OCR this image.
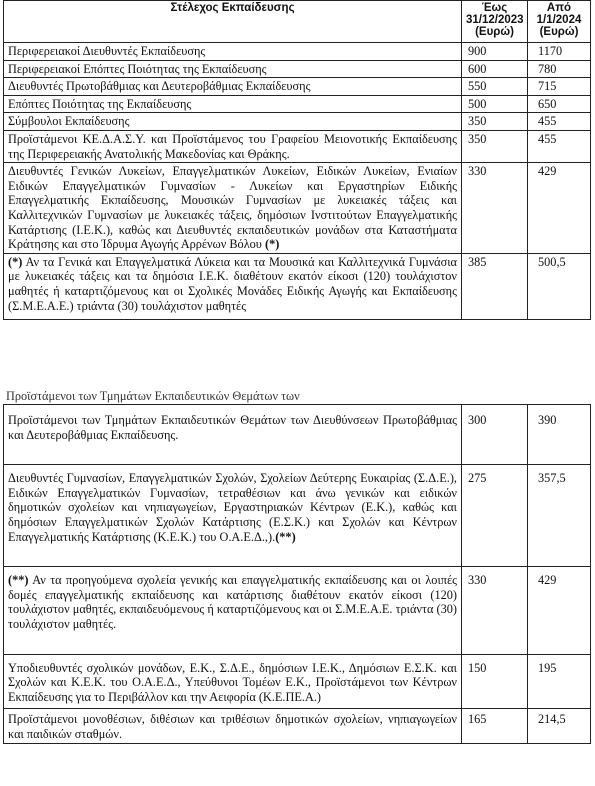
Στέλεχος Εκπαίδευσης	Έως 31/12/2023 (Ευρώ)	Από 1/1/2024 (Ευρώ)
Περιφερειακοί Διευθυντές Εκπαίδευσης	900	1170
Περιφερειακοί Επόπτες Ποιότητας της Εκπαίδευσης	600	780
Διευθυντές Πρωτοβάθμιας και Δευτεροβάθμιας Εκπαίδευσης	550	715
Επόπτες Ποιότητας της Εκπαίδευσης	500	650
Σύμβουλοι Εκπαίδευσης	350	455
Προϊστάμενοι ΚΕ.Δ.Α.Σ.Υ. και Προϊστάμενος του Γραφείου Μειονοτικής Εκπαίδευσης της Περιφερειακής Ανατολικής Μακεδονίας και Θράκης.	350	455
Διευθυντές Γενικών Λυκείων, Επαγγελματικών Λυκείων, Ειδικών Λυκείων, Ενιαίων Ειδικών Επαγγελματικών Γυμνασίων - Λυκείων και Εργαστηρίων Ειδικής Επαγγελματικής Εκπαίδευσης, Μουσικών Γυμνασίων με λυκειακές τάξεις και Καλλιτεχνικών Γυμνασίων με λυκειακές τάξεις, δημόσιων Ινστιτούτων Επαγγελματικής Κατάρτισης (Ι.Ε.Κ.), καθώς και Διευθυντές εκπαιδευτικών μονάδων στα Καταστήματα Κράτησης και στο Ίδρυμα Αγωγής Αρρένων Βόλου (*)	330	429
(*) Αν τα Γενικά και Επαγγελματικά Λύκεια και τα Μουσικά και Καλλιτεχνικά Γυμνάσια με λυκειακές τάξεις και τα δημόσια Ι.Ε.Κ. διαθέτουν εκατόν είκοσι (120) τουλάχιστον μαθητές ή καταρτιζόμενους και οι Σχολικές Μονάδες Ειδικής Αγωγής και Εκπαίδευσης (Σ.Μ.Ε.Α.Ε.) τριάντα (30) τουλάχιστον μαθητές	385	500,5
Προϊστάμενοι των Τμημάτων Εκπαιδευτικών Θεμάτων των
Προϊστάμενοι των Τμημάτων Εκπαιδευτικών Θεμάτων των Διευθύνσεων Πρωτοβάθμιας και Δευτεροβάθμιας Εκπαίδευσης.	300	390
Διευθυντές Γυμνασίων, Επαγγελματικών Σχολών, Σχολείων Δεύτερης Ευκαιρίας (Σ.Δ.Ε.), Ειδικών Επαγγελματικών Γυμνασίων, τετραθέσιων και άνω γενικών και ειδικών δημοτικών σχολείων και νηπιαγωγείων, Εργαστηριακών Κέντρων (Ε.Κ.), καθώς και δημόσιων Επαγγελματικών Σχολών Κατάρτισης (Ε.Σ.Κ.) και Σχολών και Κέντρων Επαγγελματικής Κατάρτισης (Κ.Ε.Κ.) του Ο.Α.Ε.Δ.,).(**)	275	357,5
(**) Αν τα προηγούμενα σχολεία γενικής και επαγγελματικής εκπαίδευσης και οι λοιπές δομές επαγγελματικής εκπαίδευσης και κατάρτισης διαθέτουν εκατόν είκοσι (120) τουλάχιστον μαθητές, εκπαιδευόμενους ή καταρτιζόμενους και οι Σ.Μ.Ε.Α.Ε. τριάντα (30) τουλάχιστον μαθητές.	330	429
Υποδιευθυντές σχολικών μονάδων, Ε.Κ., Σ.Δ.Ε., δημόσιων Ι.Ε.Κ., Δημόσιων Ε.Σ.Κ. και Σχολών και Κ.Ε.Κ. του Ο.Α.Ε.Δ., Υπεύθυνοι Τομέων Ε.Κ., Προϊστάμενοι των Κέντρων Εκπαίδευσης για το Περιβάλλον και την Αειφορία (Κ.Ε.ΠΕ.Α.)	150	195
Προϊστάμενοι μονοθέσιων, διθέσιων και τριθέσιων δημοτικών σχολείων, νηπιαγωγείων και παιδικών σταθμών.	165	214,5
